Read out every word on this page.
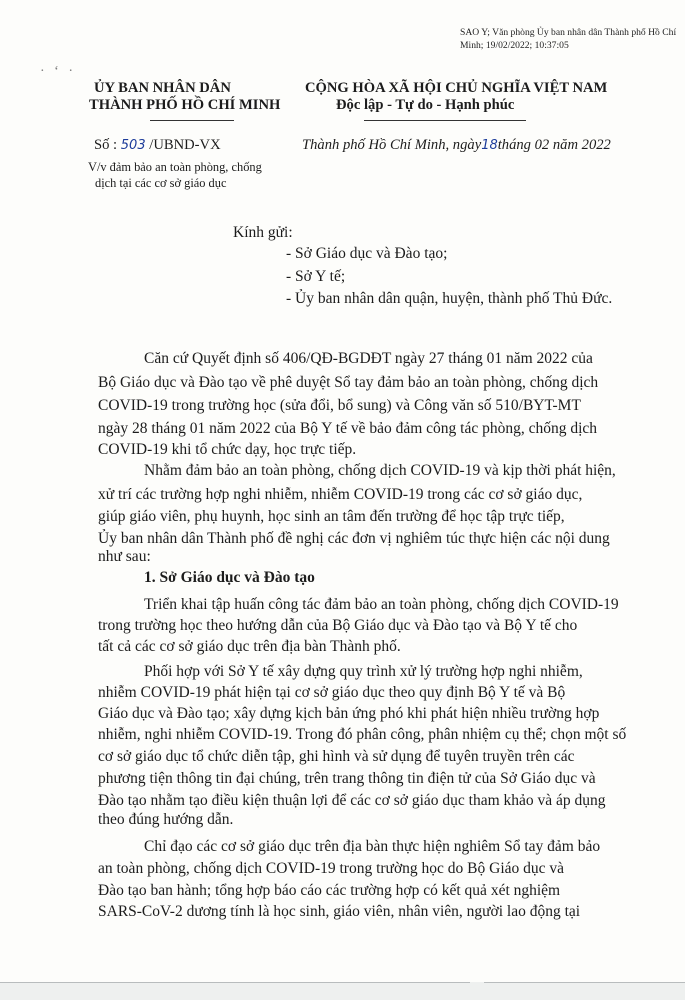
SAO Y; Văn phòng Ủy ban nhân dân Thành phố Hồ Chí Minh; 19/02/2022; 10:37:05
· ‘ ·
ỦY BAN NHÂN DÂN
THÀNH PHỐ HỒ CHÍ MINH
CỘNG HÒA XÃ HỘI CHỦ NGHĨA VIỆT NAM
Độc lập - Tự do - Hạnh phúc
Số : 503 /UBND-VX	Thành phố Hồ Chí Minh, ngày18tháng 02 năm 2022
V/v đảm bảo an toàn phòng, chống
dịch tại các cơ sở giáo dục
Kính gửi:
- Sở Giáo dục và Đào tạo;
- Sở Y tế;
- Ủy ban nhân dân quận, huyện, thành phố Thủ Đức.
Căn cứ Quyết định số 406/QĐ-BGDĐT ngày 27 tháng 01 năm 2022 của
Bộ Giáo dục và Đào tạo về phê duyệt Sổ tay đảm bảo an toàn phòng, chống dịch
COVID-19 trong trường học (sửa đổi, bổ sung) và Công văn số 510/BYT-MT
ngày 28 tháng 01 năm 2022 của Bộ Y tế về bảo đảm công tác phòng, chống dịch
COVID-19 khi tổ chức dạy, học trực tiếp.
Nhằm đảm bảo an toàn phòng, chống dịch COVID-19 và kịp thời phát hiện,
xử trí các trường hợp nghi nhiễm, nhiễm COVID-19 trong các cơ sở giáo dục,
giúp giáo viên, phụ huynh, học sinh an tâm đến trường để học tập trực tiếp,
Ủy ban nhân dân Thành phố đề nghị các đơn vị nghiêm túc thực hiện các nội dung
như sau:
1. Sở Giáo dục và Đào tạo
Triển khai tập huấn công tác đảm bảo an toàn phòng, chống dịch COVID-19
trong trường học theo hướng dẫn của Bộ Giáo dục và Đào tạo và Bộ Y tế cho
tất cả các cơ sở giáo dục trên địa bàn Thành phố.
Phối hợp với Sở Y tế xây dựng quy trình xử lý trường hợp nghi nhiễm,
nhiễm COVID-19 phát hiện tại cơ sở giáo dục theo quy định Bộ Y tế và Bộ
Giáo dục và Đào tạo; xây dựng kịch bản ứng phó khi phát hiện nhiều trường hợp
nhiễm, nghi nhiễm COVID-19. Trong đó phân công, phân nhiệm cụ thể; chọn một số
cơ sở giáo dục tổ chức diễn tập, ghi hình và sử dụng để tuyên truyền trên các
phương tiện thông tin đại chúng, trên trang thông tin điện tử của Sở Giáo dục và
Đào tạo nhằm tạo điều kiện thuận lợi để các cơ sở giáo dục tham khảo và áp dụng
theo đúng hướng dẫn.
Chỉ đạo các cơ sở giáo dục trên địa bàn thực hiện nghiêm Sổ tay đảm bảo
an toàn phòng, chống dịch COVID-19 trong trường học do Bộ Giáo dục và
Đào tạo ban hành; tổng hợp báo cáo các trường hợp có kết quả xét nghiệm
SARS-CoV-2 dương tính là học sinh, giáo viên, nhân viên, người lao động tại
